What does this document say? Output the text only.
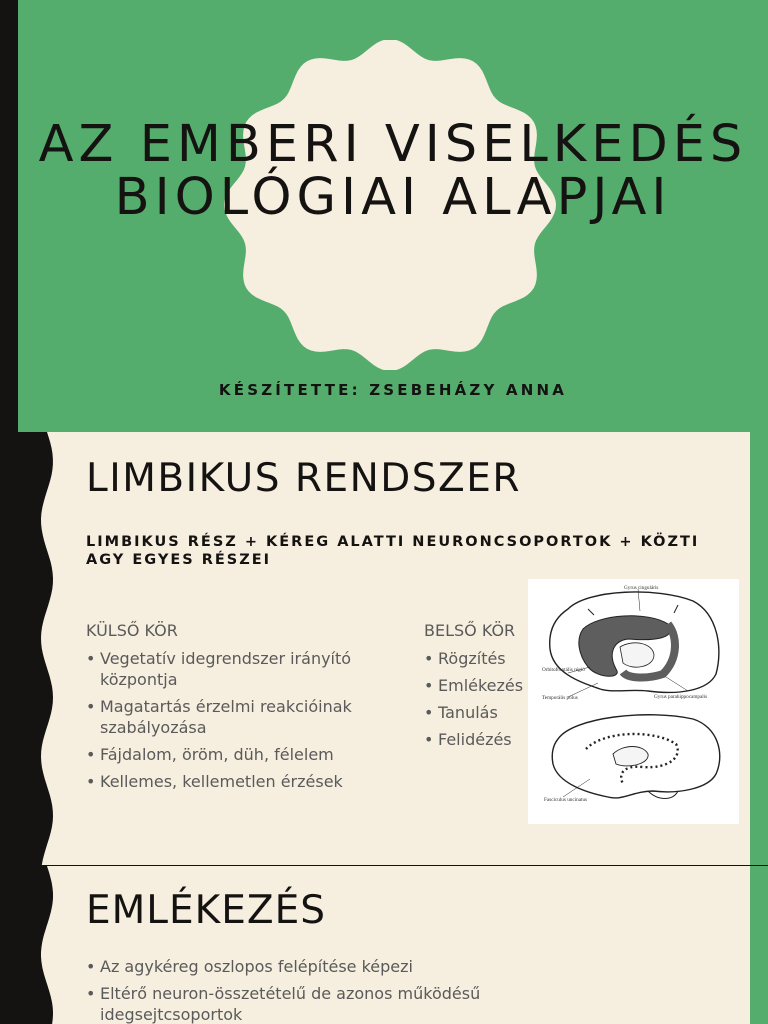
AZ EMBERI VISELKEDÉS BIOLÓGIAI ALAPJAI
KÉSZÍTETTE: ZSEBEHÁZY ANNA
LIMBIKUS RENDSZER
LIMBIKUS RÉSZ + KÉREG ALATTI NEURONCSOPORTOK + KÖZTI AGY EGYES RÉSZEI
KÜLSŐ KÖR
• Vegetatív idegrendszer irányító központja
• Magatartás érzelmi reakcióinak szabályozása
• Fájdalom, öröm, düh, félelem
• Kellemes, kellemetlen érzések
BELSŐ KÖR
• Rögzítés
• Emlékezés
• Tanulás
• Felidézés
Gyrus cinguláris
Orbitofrontális régió
Temporális pólus	Gyrus parahippocampalis
Fasciculus uncinatus
EMLÉKEZÉS
• Az agykéreg oszlopos felépítése képezi
• Eltérő neuron-összetételű de azonos működésű idegsejtcsoportok
